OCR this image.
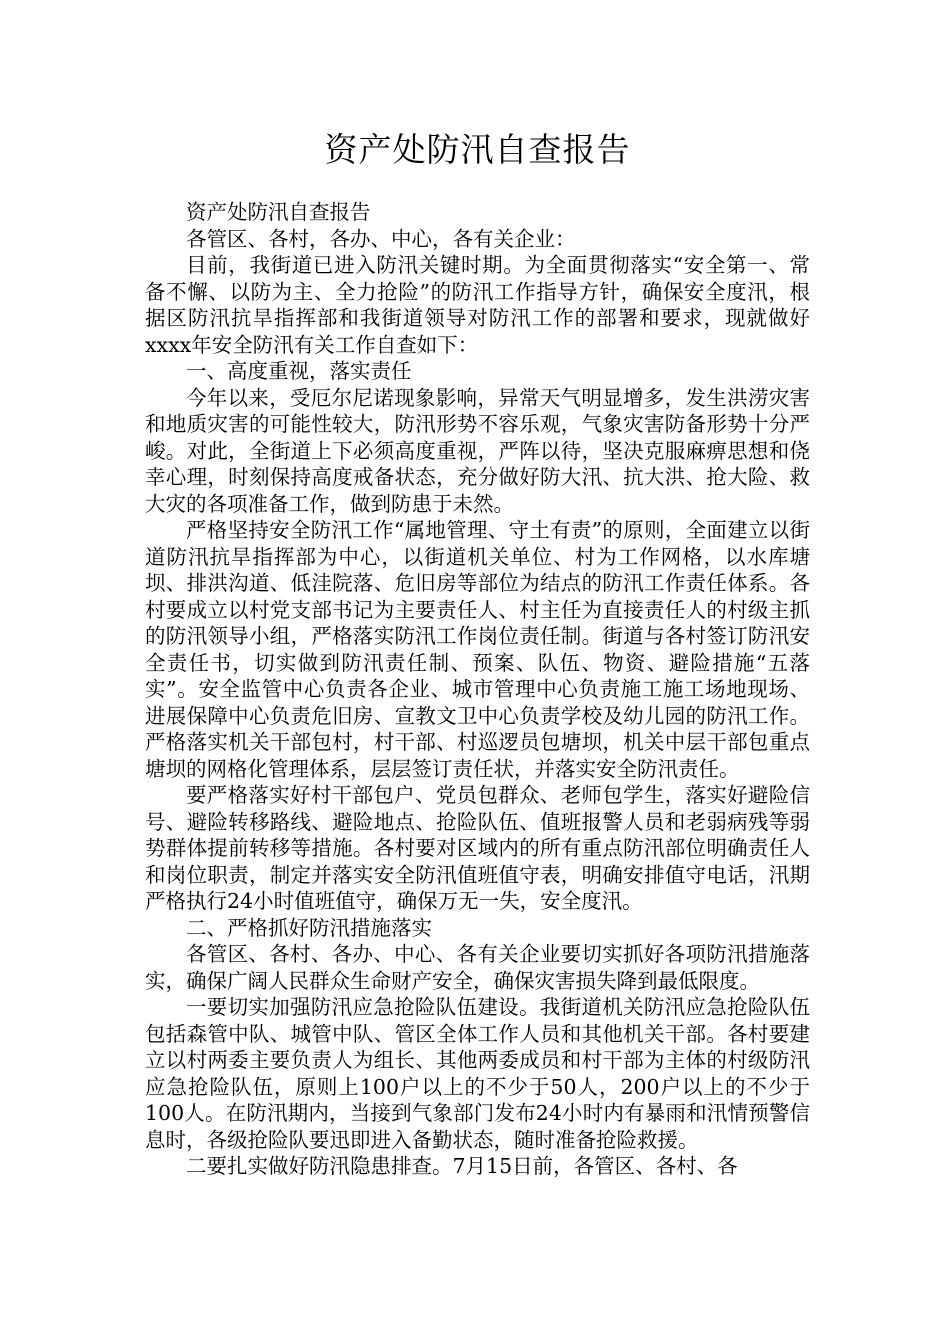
资产处防汛自查报告

资产处防汛自查报告

各管区、各村，各办、中心，各有关企业：

目前，我街道已进入防汛关键时期。为全面贯彻落实“安全第一、常备不懈、以防为主、全力抢险”的防汛工作指导方针，确保安全度汛，根据区防汛抗旱指挥部和我街道领导对防汛工作的部署和要求，现就做好xxxx年安全防汛有关工作自查如下：

一、高度重视，落实责任

今年以来，受厄尔尼诺现象影响，异常天气明显增多，发生洪涝灾害和地质灾害的可能性较大，防汛形势不容乐观，气象灾害防备形势十分严峻。对此，全街道上下必须高度重视，严阵以待，坚决克服麻痹思想和侥幸心理，时刻保持高度戒备状态，充分做好防大汛、抗大洪、抢大险、救大灾的各项准备工作，做到防患于未然。

严格坚持安全防汛工作“属地管理、守土有责”的原则，全面建立以街道防汛抗旱指挥部为中心，以街道机关单位、村为工作网格，以水库塘坝、排洪沟道、低洼院落、危旧房等部位为结点的防汛工作责任体系。各村要成立以村党支部书记为主要责任人、村主任为直接责任人的村级主抓的防汛领导小组，严格落实防汛工作岗位责任制。街道与各村签订防汛安全责任书，切实做到防汛责任制、预案、队伍、物资、避险措施“五落实”。安全监管中心负责各企业、城市管理中心负责施工施工场地现场、进展保障中心负责危旧房、宣教文卫中心负责学校及幼儿园的防汛工作。严格落实机关干部包村，村干部、村巡逻员包塘坝，机关中层干部包重点塘坝的网格化管理体系，层层签订责任状，并落实安全防汛责任。

要严格落实好村干部包户、党员包群众、老师包学生，落实好避险信号、避险转移路线、避险地点、抢险队伍、值班报警人员和老弱病残等弱势群体提前转移等措施。各村要对区域内的所有重点防汛部位明确责任人和岗位职责，制定并落实安全防汛值班值守表，明确安排值守电话，汛期严格执行24小时值班值守，确保万无一失，安全度汛。

二、严格抓好防汛措施落实

各管区、各村、各办、中心、各有关企业要切实抓好各项防汛措施落实，确保广阔人民群众生命财产安全，确保灾害损失降到最低限度。

一要切实加强防汛应急抢险队伍建设。我街道机关防汛应急抢险队伍包括森管中队、城管中队、管区全体工作人员和其他机关干部。各村要建立以村两委主要负责人为组长、其他两委成员和村干部为主体的村级防汛应急抢险队伍，原则上100户以上的不少于50人，200户以上的不少于100人。在防汛期内，当接到气象部门发布24小时内有暴雨和汛情预警信息时，各级抢险队要迅即进入备勤状态，随时准备抢险救援。

二要扎实做好防汛隐患排查。7月15日前，各管区、各村、各
